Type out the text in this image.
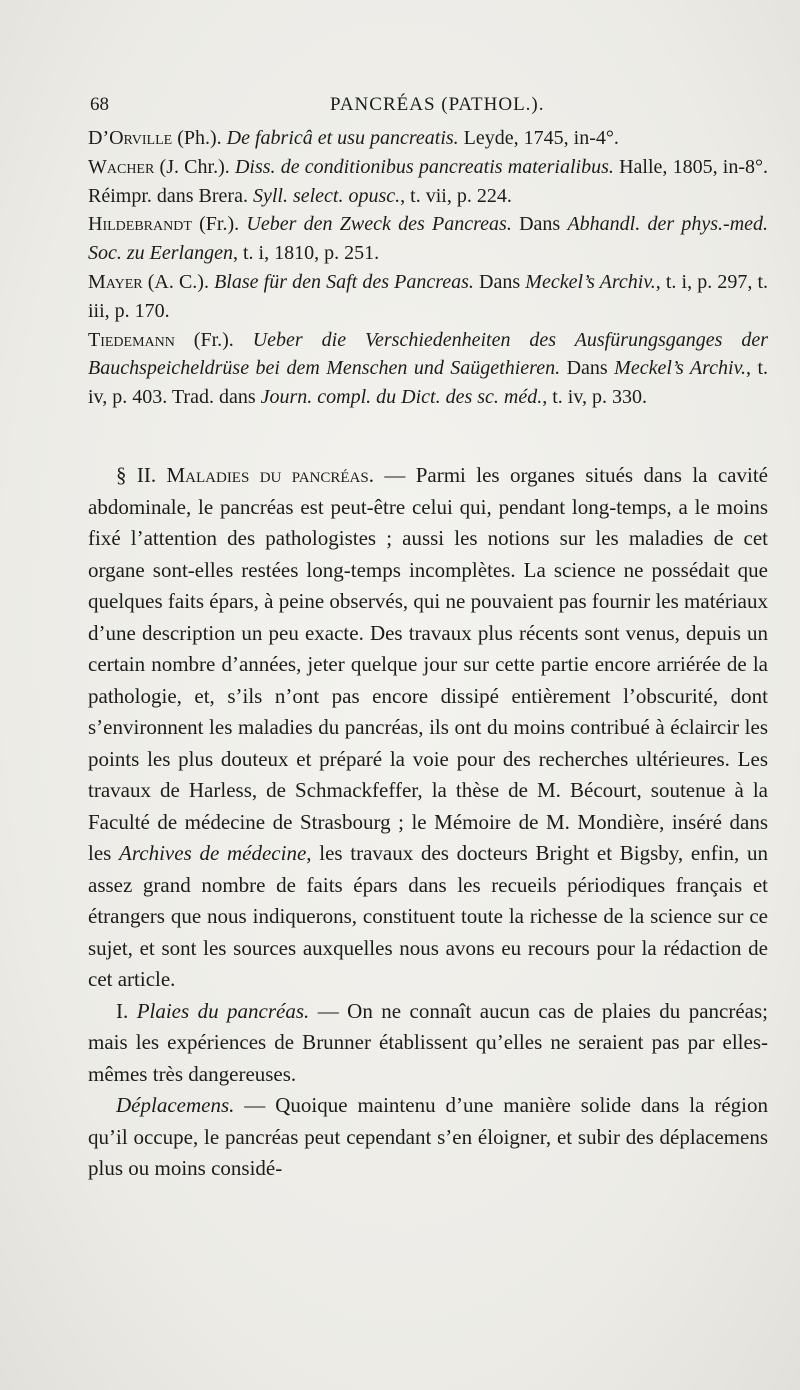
68	PANCRÉAS (PATHOL.).

D’Orville (Ph.). De fabricâ et usu pancreatis. Leyde, 1745, in-4°.

Wacher (J. Chr.). Diss. de conditionibus pancreatis materialibus. Halle, 1805, in-8°. Réimpr. dans Brera. Syll. select. opusc., t. vii, p. 224.

Hildebrandt (Fr.). Ueber den Zweck des Pancreas. Dans Abhandl. der phys.-med. Soc. zu Eerlangen, t. i, 1810, p. 251.

Mayer (A. C.). Blase für den Saft des Pancreas. Dans Meckel’s Archiv., t. i, p. 297, t. iii, p. 170.

Tiedemann (Fr.). Ueber die Verschiedenheiten des Ausfürungsganges der Bauchspeicheldrüse bei dem Menschen und Saügethieren. Dans Meckel’s Archiv., t. iv, p. 403. Trad. dans Journ. compl. du Dict. des sc. méd., t. iv, p. 330.

§ II. Maladies du pancréas. — Parmi les organes situés dans la cavité abdominale, le pancréas est peut-être celui qui, pendant long-temps, a le moins fixé l’attention des pathologistes ; aussi les notions sur les maladies de cet organe sont-elles restées long-temps incomplètes. La science ne possédait que quelques faits épars, à peine observés, qui ne pouvaient pas fournir les matériaux d’une description un peu exacte. Des travaux plus récents sont venus, depuis un certain nombre d’années, jeter quelque jour sur cette partie encore arriérée de la pathologie, et, s’ils n’ont pas encore dissipé entièrement l’obscurité, dont s’environnent les maladies du pancréas, ils ont du moins contribué à éclaircir les points les plus douteux et préparé la voie pour des recherches ultérieures. Les travaux de Harless, de Schmackfeffer, la thèse de M. Bécourt, soutenue à la Faculté de médecine de Strasbourg ; le Mémoire de M. Mondière, inséré dans les Archives de médecine, les travaux des docteurs Bright et Bigsby, enfin, un assez grand nombre de faits épars dans les recueils périodiques français et étrangers que nous indiquerons, constituent toute la richesse de la science sur ce sujet, et sont les sources auxquelles nous avons eu recours pour la rédaction de cet article.

I. Plaies du pancréas. — On ne connaît aucun cas de plaies du pancréas; mais les expériences de Brunner établissent qu’elles ne seraient pas par elles-mêmes très dangereuses.

Déplacemens. — Quoique maintenu d’une manière solide dans la région qu’il occupe, le pancréas peut cependant s’en éloigner, et subir des déplacemens plus ou moins considé-
